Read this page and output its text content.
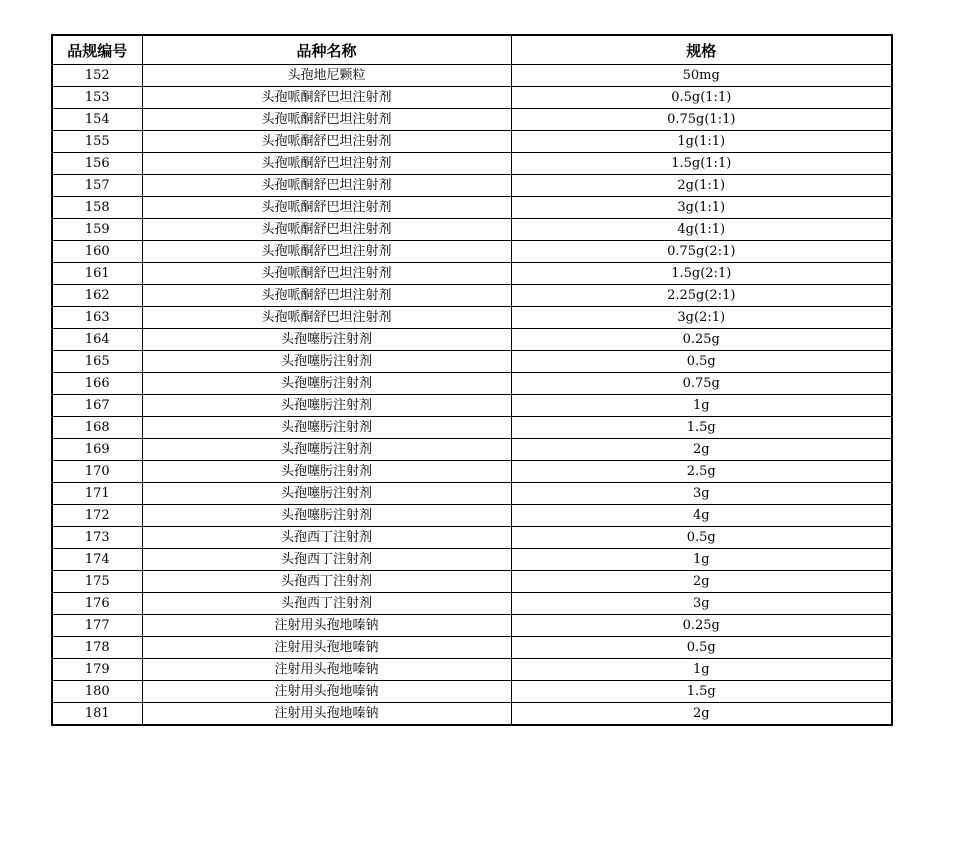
品规编号	品种名称	规格
152	头孢地尼颗粒	50mg
153	头孢哌酮舒巴坦注射剂	0.5g(1:1)
154	头孢哌酮舒巴坦注射剂	0.75g(1:1)
155	头孢哌酮舒巴坦注射剂	1g(1:1)
156	头孢哌酮舒巴坦注射剂	1.5g(1:1)
157	头孢哌酮舒巴坦注射剂	2g(1:1)
158	头孢哌酮舒巴坦注射剂	3g(1:1)
159	头孢哌酮舒巴坦注射剂	4g(1:1)
160	头孢哌酮舒巴坦注射剂	0.75g(2:1)
161	头孢哌酮舒巴坦注射剂	1.5g(2:1)
162	头孢哌酮舒巴坦注射剂	2.25g(2:1)
163	头孢哌酮舒巴坦注射剂	3g(2:1)
164	头孢噻肟注射剂	0.25g
165	头孢噻肟注射剂	0.5g
166	头孢噻肟注射剂	0.75g
167	头孢噻肟注射剂	1g
168	头孢噻肟注射剂	1.5g
169	头孢噻肟注射剂	2g
170	头孢噻肟注射剂	2.5g
171	头孢噻肟注射剂	3g
172	头孢噻肟注射剂	4g
173	头孢西丁注射剂	0.5g
174	头孢西丁注射剂	1g
175	头孢西丁注射剂	2g
176	头孢西丁注射剂	3g
177	注射用头孢地嗪钠	0.25g
178	注射用头孢地嗪钠	0.5g
179	注射用头孢地嗪钠	1g
180	注射用头孢地嗪钠	1.5g
181	注射用头孢地嗪钠	2g
